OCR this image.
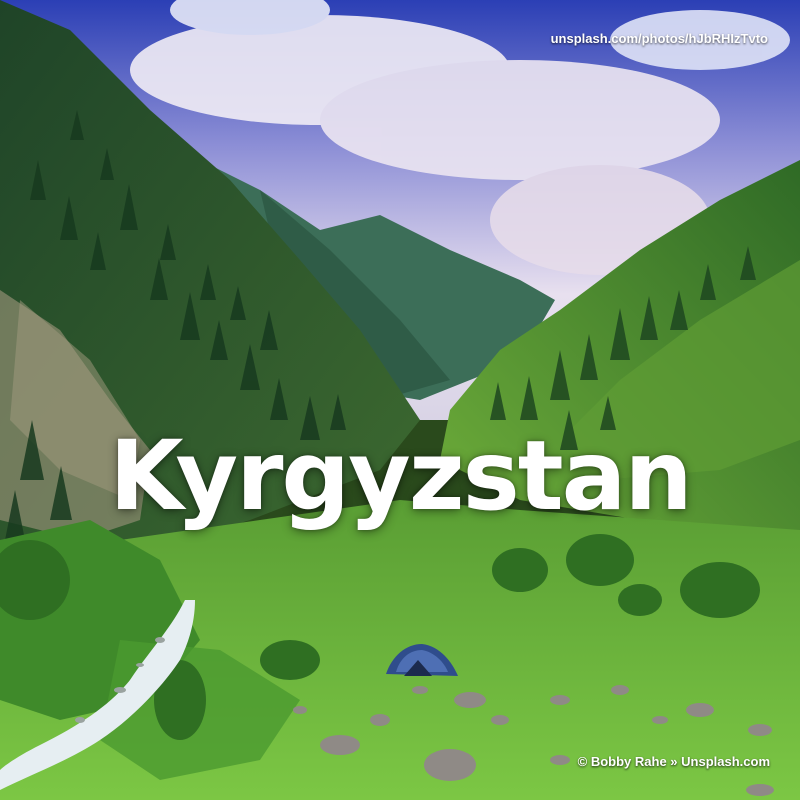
Kyrgyzstan
unsplash.com/photos/hJbRHIzTvto
© Bobby Rahe » Unsplash.com
